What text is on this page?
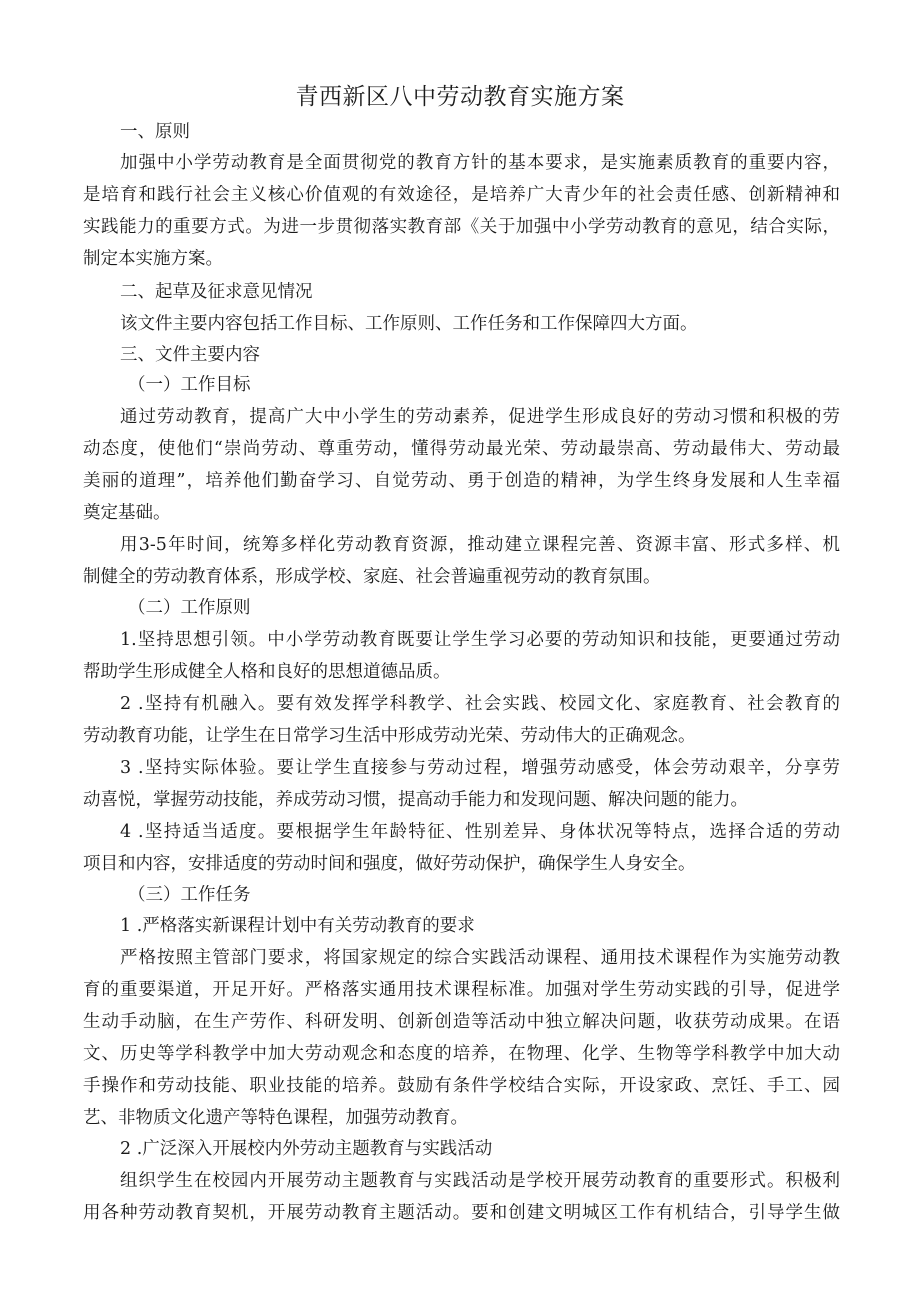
青西新区八中劳动教育实施方案
一、原则
加强中小学劳动教育是全面贯彻党的教育方针的基本要求，是实施素质教育的重要内容，
是培育和践行社会主义核心价值观的有效途径，是培养广大青少年的社会责任感、创新精神和
实践能力的重要方式。为进一步贯彻落实教育部《关于加强中小学劳动教育的意见，结合实际，
制定本实施方案。
二、起草及征求意见情况
该文件主要内容包括工作目标、工作原则、工作任务和工作保障四大方面。
三、文件主要内容
（一）工作目标
通过劳动教育，提高广大中小学生的劳动素养，促进学生形成良好的劳动习惯和积极的劳
动态度，使他们“崇尚劳动、尊重劳动，懂得劳动最光荣、劳动最崇高、劳动最伟大、劳动最
美丽的道理”，培养他们勤奋学习、自觉劳动、勇于创造的精神，为学生终身发展和人生幸福
奠定基础。
用3-5年时间，统筹多样化劳动教育资源，推动建立课程完善、资源丰富、形式多样、机
制健全的劳动教育体系，形成学校、家庭、社会普遍重视劳动的教育氛围。
（二）工作原则
1.坚持思想引领。中小学劳动教育既要让学生学习必要的劳动知识和技能，更要通过劳动
帮助学生形成健全人格和良好的思想道德品质。
2 .坚持有机融入。要有效发挥学科教学、社会实践、校园文化、家庭教育、社会教育的
劳动教育功能，让学生在日常学习生活中形成劳动光荣、劳动伟大的正确观念。
3 .坚持实际体验。要让学生直接参与劳动过程，增强劳动感受，体会劳动艰辛，分享劳
动喜悦，掌握劳动技能，养成劳动习惯，提高动手能力和发现问题、解决问题的能力。
4 .坚持适当适度。要根据学生年龄特征、性别差异、身体状况等特点，选择合适的劳动
项目和内容，安排适度的劳动时间和强度，做好劳动保护，确保学生人身安全。
（三）工作任务
1 .严格落实新课程计划中有关劳动教育的要求
严格按照主管部门要求，将国家规定的综合实践活动课程、通用技术课程作为实施劳动教
育的重要渠道，开足开好。严格落实通用技术课程标准。加强对学生劳动实践的引导，促进学
生动手动脑，在生产劳作、科研发明、创新创造等活动中独立解决问题，收获劳动成果。在语
文、历史等学科教学中加大劳动观念和态度的培养，在物理、化学、生物等学科教学中加大动
手操作和劳动技能、职业技能的培养。鼓励有条件学校结合实际，开设家政、烹饪、手工、园
艺、非物质文化遗产等特色课程，加强劳动教育。
2 .广泛深入开展校内外劳动主题教育与实践活动
组织学生在校园内开展劳动主题教育与实践活动是学校开展劳动教育的重要形式。积极利
用各种劳动教育契机，开展劳动教育主题活动。要和创建文明城区工作有机结合，引导学生做
